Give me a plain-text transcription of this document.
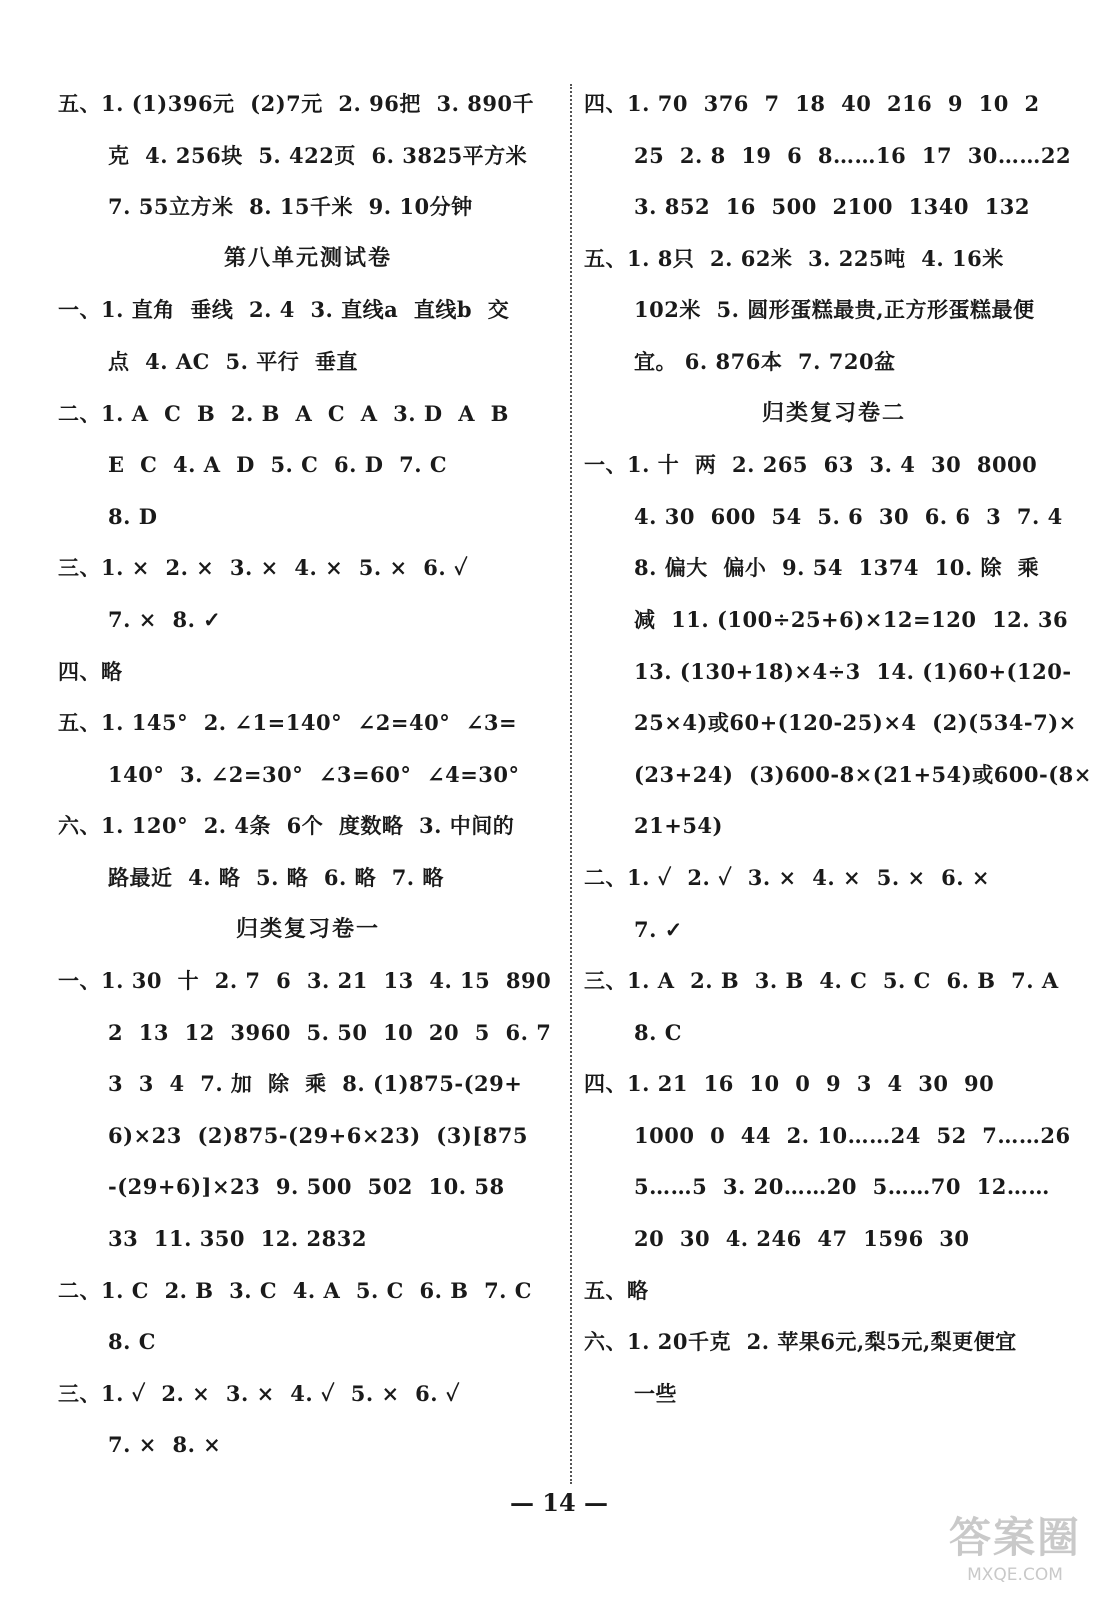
五、1. (1)396元  (2)7元  2. 96把  3. 890千
克  4. 256块  5. 422页  6. 3825平方米
7. 55立方米  8. 15千米  9. 10分钟
第八单元测试卷
一、1. 直角  垂线  2. 4  3. 直线a  直线b  交
点  4. AC  5. 平行  垂直
二、1. A  C  B  2. B  A  C  A  3. D  A  B
E  C  4. A  D  5. C  6. D  7. C
8. D
三、1. ×  2. ×  3. ×  4. ×  5. ×  6. ✓
7. ×  8. ✓
四、略
五、1. 145°  2. ∠1=140°  ∠2=40°  ∠3=
140°  3. ∠2=30°  ∠3=60°  ∠4=30°
六、1. 120°  2. 4条  6个  度数略  3. 中间的
路最近  4. 略  5. 略  6. 略  7. 略
归类复习卷一
一、1. 30  十  2. 7  6  3. 21  13  4. 15  890
2  13  12  3960  5. 50  10  20  5  6. 7
3  3  4  7. 加  除  乘  8. (1)875-(29+
6)×23  (2)875-(29+6×23)  (3)[875
-(29+6)]×23  9. 500  502  10. 58
33  11. 350  12. 2832
二、1. C  2. B  3. C  4. A  5. C  6. B  7. C
8. C
三、1. ✓  2. ×  3. ×  4. ✓  5. ×  6. ✓
7. ×  8. ×
四、1. 70  376  7  18  40  216  9  10  2
25  2. 8  19  6  8……16  17  30……22
3. 852  16  500  2100  1340  132
五、1. 8只  2. 62米  3. 225吨  4. 16米
102米  5. 圆形蛋糕最贵,正方形蛋糕最便
宜。 6. 876本  7. 720盆
归类复习卷二
一、1. 十  两  2. 265  63  3. 4  30  8000
4. 30  600  54  5. 6  30  6. 6  3  7. 4
8. 偏大  偏小  9. 54  1374  10. 除  乘
减  11. (100÷25+6)×12=120  12. 36
13. (130+18)×4÷3  14. (1)60+(120-
25×4)或60+(120-25)×4  (2)(534-7)×
(23+24)  (3)600-8×(21+54)或600-(8×
21+54)
二、1. ✓  2. ✓  3. ×  4. ×  5. ×  6. ×
7. ✓
三、1. A  2. B  3. B  4. C  5. C  6. B  7. A
8. C
四、1. 21  16  10  0  9  3  4  30  90
1000  0  44  2. 10……24  52  7……26
5……5  3. 20……20  5……70  12……
20  30  4. 246  47  1596  30
五、略
六、1. 20千克  2. 苹果6元,梨5元,梨更便宜
一些
— 14 —
答案圈
MXQE.COM
